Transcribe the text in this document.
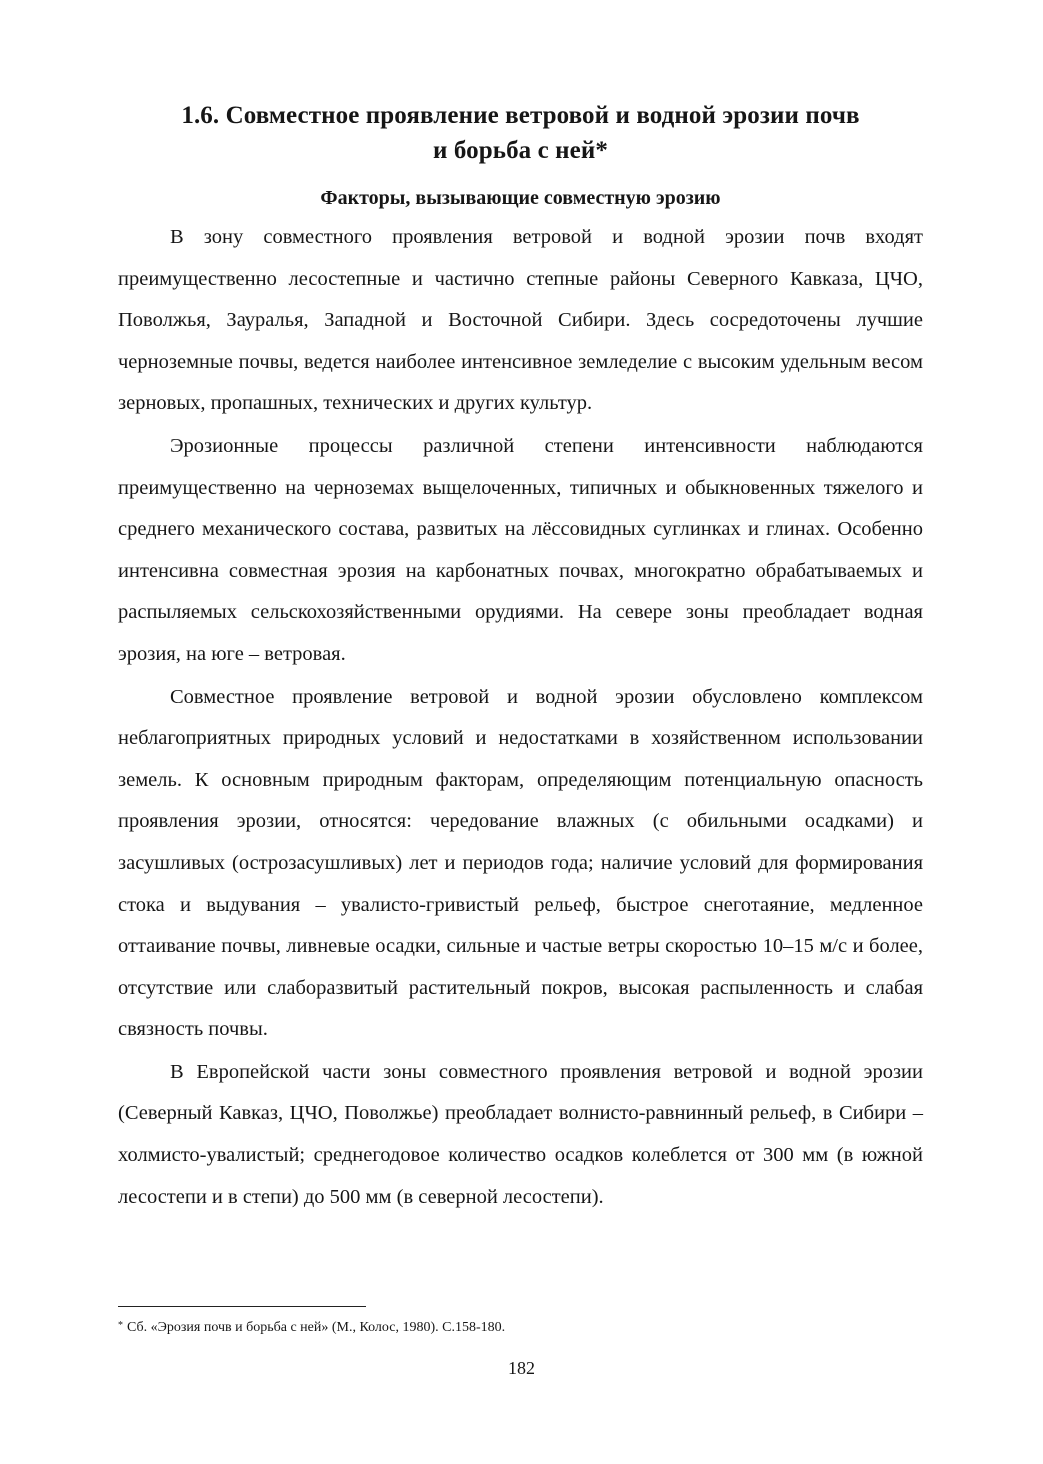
1.6. Совместное проявление ветровой и водной эрозии почв
и борьба с ней*
Факторы, вызывающие совместную эрозию

В зону совместного проявления ветровой и водной эрозии почв входят преимущественно лесостепные и частично степные районы Северного Кавказа, ЦЧО, Поволжья, Зауралья, Западной и Восточной Сибири. Здесь сосредоточены лучшие черноземные почвы, ведется наиболее интенсивное земледелие с высоким удельным весом зерновых, пропашных, технических и других культур.

Эрозионные процессы различной степени интенсивности наблюдаются преимущественно на черноземах выщелоченных, типичных и обыкновенных тяжелого и среднего механического состава, развитых на лёссовидных суглинках и глинах. Особенно интенсивна совместная эрозия на карбонатных почвах, многократно обрабатываемых и распыляемых сельскохозяйственными орудиями. На севере зоны преобладает водная эрозия, на юге – ветровая.

Совместное проявление ветровой и водной эрозии обусловлено комплексом неблагоприятных природных условий и недостатками в хозяйственном использовании земель. К основным природным факторам, определяющим потенциальную опасность проявления эрозии, относятся: чередование влажных (с обильными осадками) и засушливых (острозасушливых) лет и периодов года; наличие условий для формирования стока и выдувания – увалисто-гривистый рельеф, быстрое снеготаяние, медленное оттаивание почвы, ливневые осадки, сильные и частые ветры скоростью 10–15 м/с и более, отсутствие или слаборазвитый растительный покров, высокая распыленность и слабая связность почвы.

В Европейской части зоны совместного проявления ветровой и водной эрозии (Северный Кавказ, ЦЧО, Поволжье) преобладает волнисто-равнинный рельеф, в Сибири – холмисто-увалистый; среднегодовое количество осадков колеблется от 300 мм (в южной лесостепи и в степи) до 500 мм (в северной лесостепи).

* Сб. «Эрозия почв и борьба с ней» (М., Колос, 1980). С.158-180.
182
